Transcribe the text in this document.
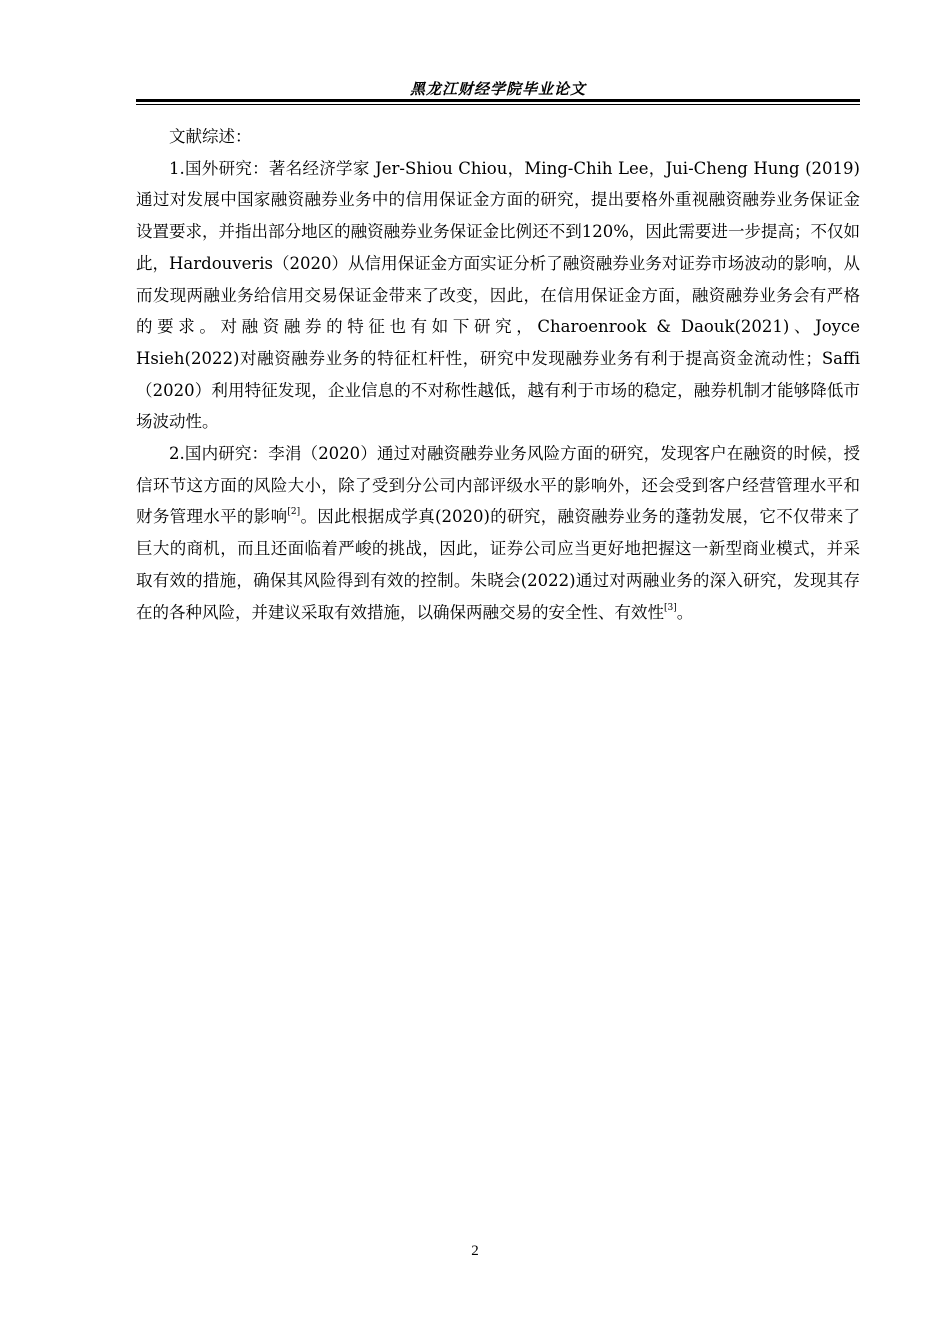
黑龙江财经学院毕业论文

文献综述：

1.国外研究：著名经济学家 Jer-Shiou Chiou，Ming-Chih Lee，Jui-Cheng Hung (2019)通过对发展中国家融资融券业务中的信用保证金方面的研究，提出要格外重视融资融券业务保证金设置要求，并指出部分地区的融资融券业务保证金比例还不到120%，因此需要进一步提高；不仅如此，Hardouveris（2020）从信用保证金方面实证分析了融资融券业务对证券市场波动的影响，从而发现两融业务给信用交易保证金带来了改变，因此，在信用保证金方面，融资融券业务会有严格的要求。对融资融券的特征也有如下研究，Charoenrook & Daouk(2021)、Joyce Hsieh(2022)对融资融券业务的特征杠杆性，研究中发现融券业务有利于提高资金流动性；Saffi（2020）利用特征发现，企业信息的不对称性越低，越有利于市场的稳定，融券机制才能够降低市场波动性。

2.国内研究：李涓（2020）通过对融资融券业务风险方面的研究，发现客户在融资的时候，授信环节这方面的风险大小，除了受到分公司内部评级水平的影响外，还会受到客户经营管理水平和财务管理水平的影响[2]。因此根据成学真(2020)的研究，融资融券业务的蓬勃发展，它不仅带来了巨大的商机，而且还面临着严峻的挑战，因此，证券公司应当更好地把握这一新型商业模式，并采取有效的措施，确保其风险得到有效的控制。朱晓会(2022)通过对两融业务的深入研究，发现其存在的各种风险，并建议采取有效措施，以确保两融交易的安全性、有效性[3]。

2
